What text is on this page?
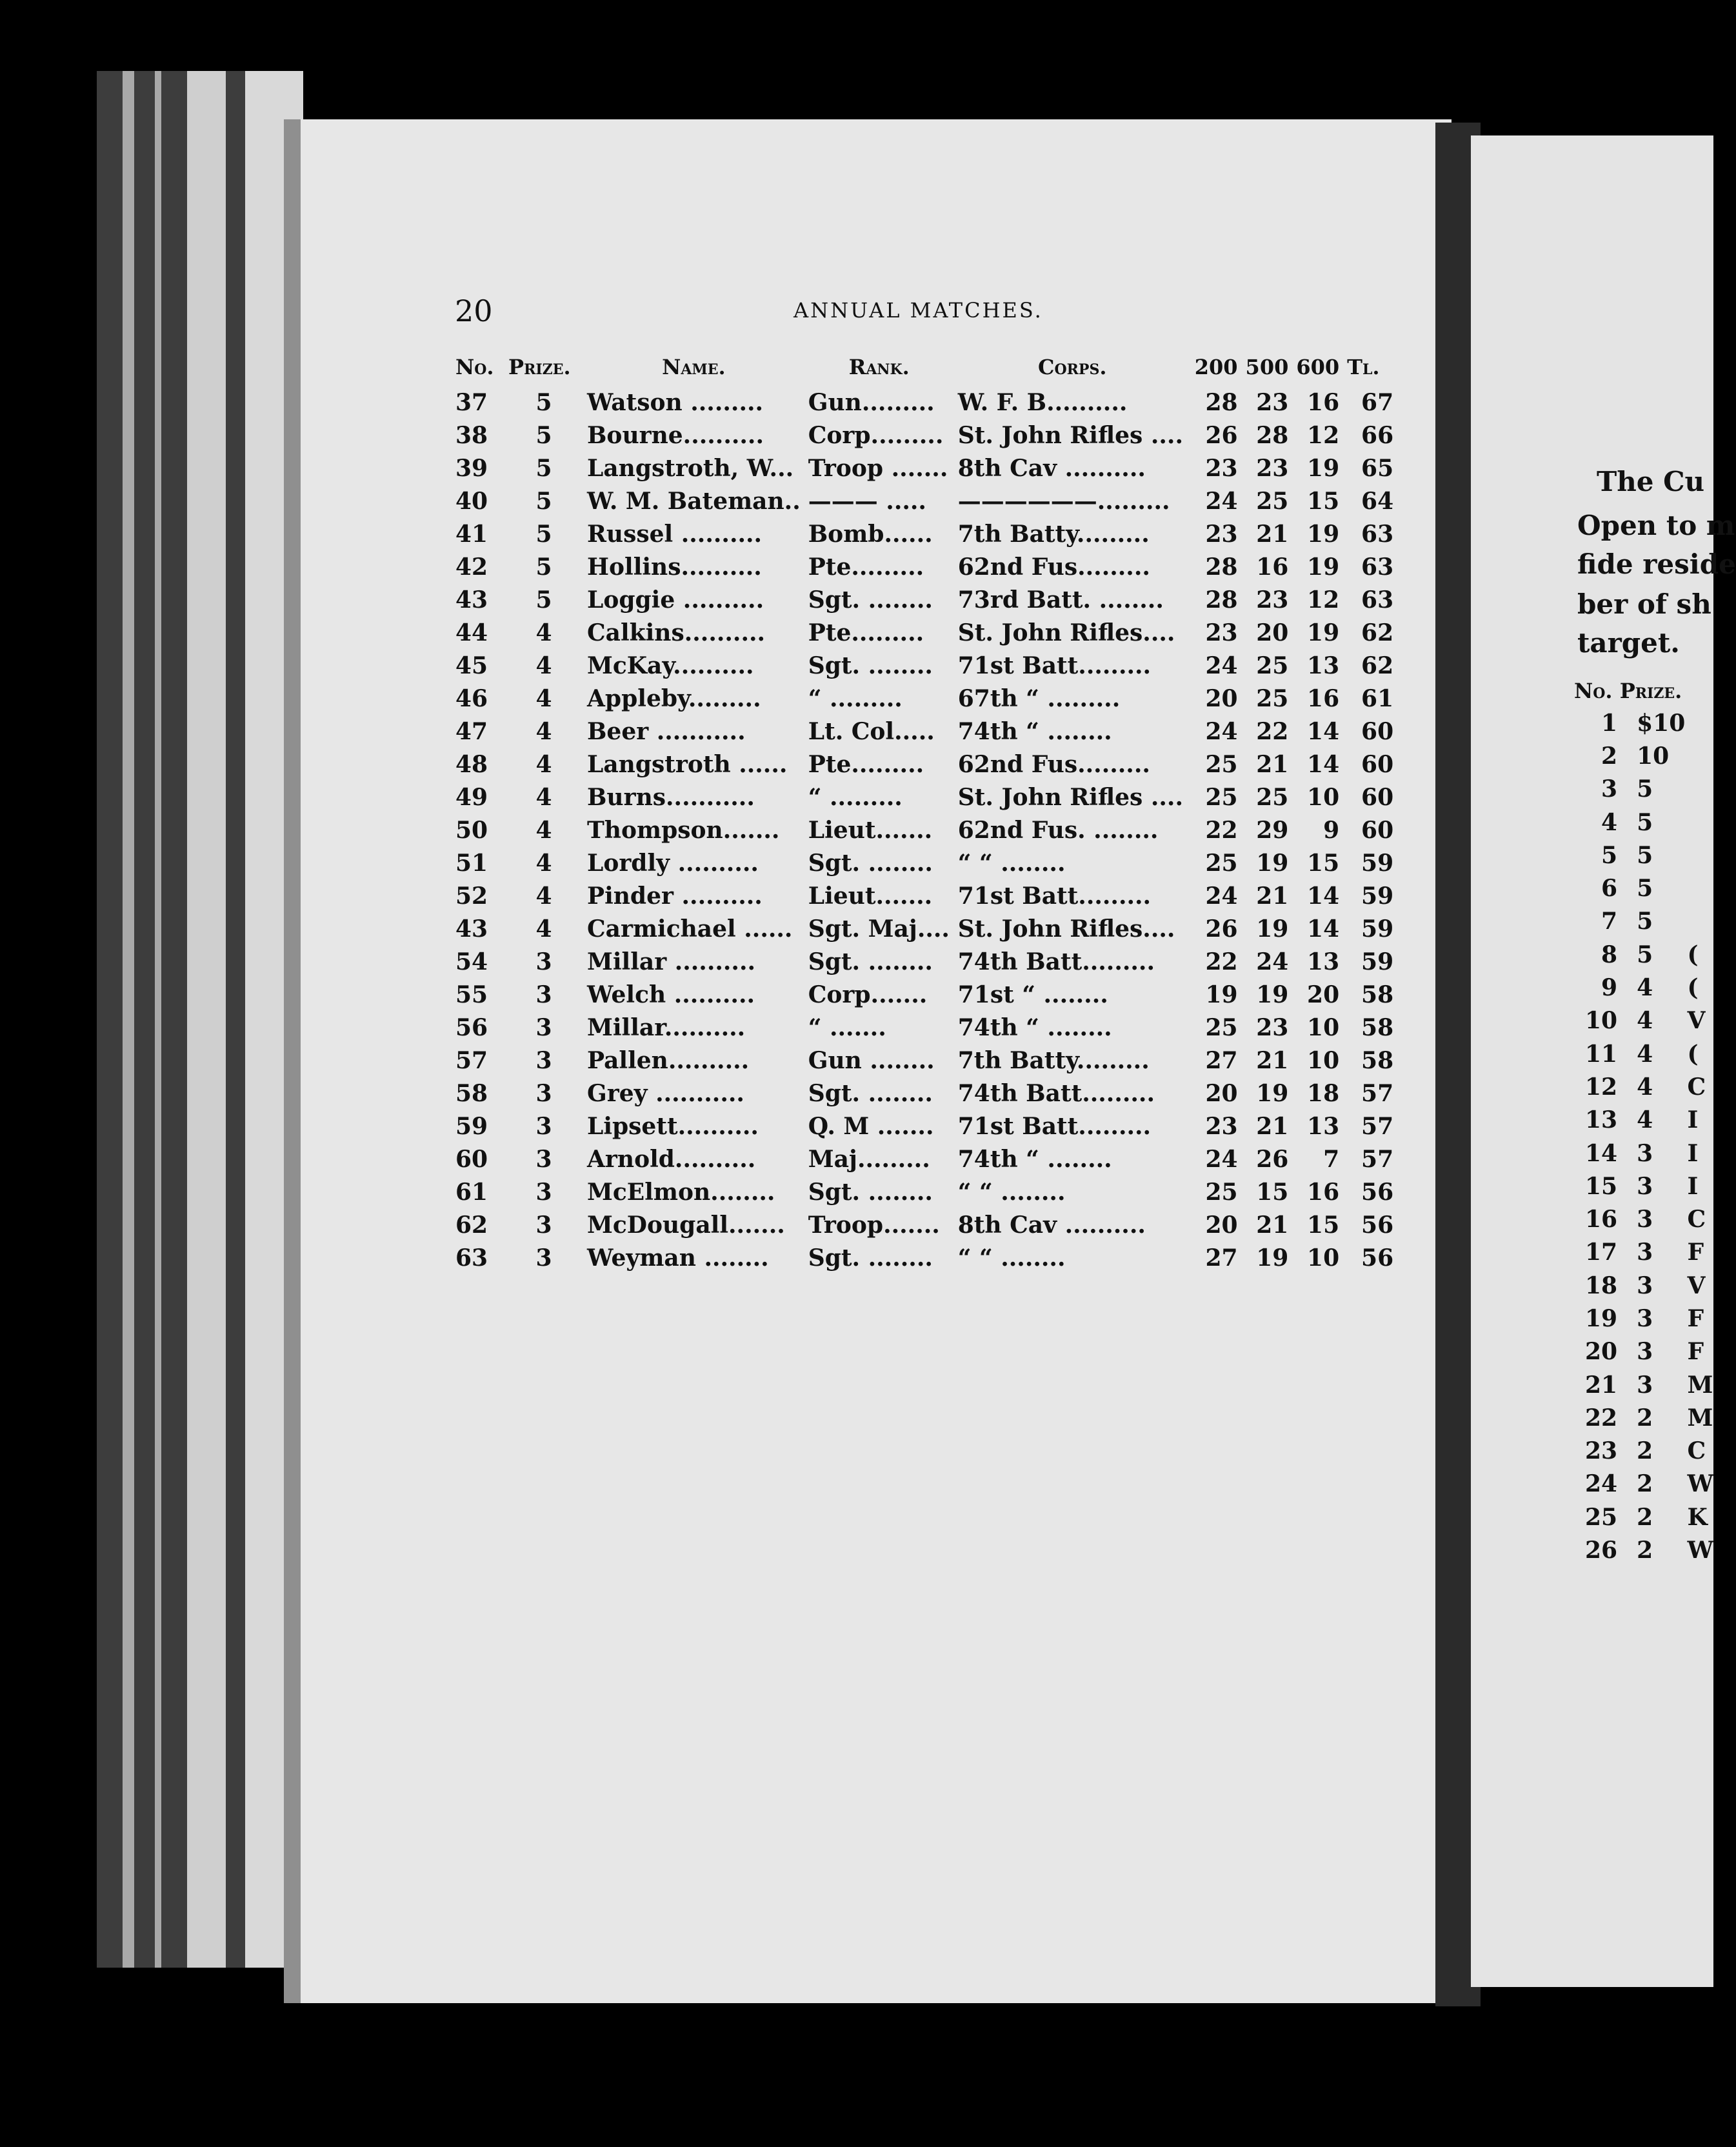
20	ANNUAL MATCHES.
No.	Prize.	Name.	Rank.	Corps.	200	500	600	Tl.
37	5	Watson .........	Gun.........	W. F. B..........	28	23	16	67
38	5	Bourne..........	Corp.........	St. John Rifles ....	26	28	12	66
39	5	Langstroth, W...	Troop .......	8th Cav ..........	23	23	19	65
40	5	W. M. Bateman..	——— .....	——————.........	24	25	15	64
41	5	Russel ..........	Bomb......	7th Batty.........	23	21	19	63
42	5	Hollins..........	Pte.........	62nd Fus.........	28	16	19	63
43	5	Loggie ..........	Sgt. ........	73rd Batt. ........	28	23	12	63
44	4	Calkins..........	Pte.........	St. John Rifles....	23	20	19	62
45	4	McKay..........	Sgt. ........	71st Batt.........	24	25	13	62
46	4	Appleby.........	“ .........	67th “ .........	20	25	16	61
47	4	Beer ...........	Lt. Col.....	74th “ ........	24	22	14	60
48	4	Langstroth ......	Pte.........	62nd Fus.........	25	21	14	60
49	4	Burns...........	“ .........	St. John Rifles ....	25	25	10	60
50	4	Thompson.......	Lieut.......	62nd Fus. ........	22	29	9	60
51	4	Lordly ..........	Sgt. ........	“ “ ........	25	19	15	59
52	4	Pinder ..........	Lieut.......	71st Batt.........	24	21	14	59
43	4	Carmichael ......	Sgt. Maj....	St. John Rifles....	26	19	14	59
54	3	Millar ..........	Sgt. ........	74th Batt.........	22	24	13	59
55	3	Welch ..........	Corp.......	71st “ ........	19	19	20	58
56	3	Millar..........	“ .......	74th “ ........	25	23	10	58
57	3	Pallen..........	Gun ........	7th Batty.........	27	21	10	58
58	3	Grey ...........	Sgt. ........	74th Batt.........	20	19	18	57
59	3	Lipsett..........	Q. M .......	71st Batt.........	23	21	13	57
60	3	Arnold..........	Maj.........	74th “ ........	24	26	7	57
61	3	McElmon........	Sgt. ........	“ “ ........	25	15	16	56
62	3	McDougall.......	Troop.......	8th Cav ..........	20	21	15	56
63	3	Weyman ........	Sgt. ........	“ “ ........	27	19	10	56
The Cu
Open to m
fide reside
ber of sh
target.
No. Prize.
1	$10	
2	10	
3	5	
4	5	
5	5	
6	5	
7	5	
8	5	(
9	4	(
10	4	V
11	4	(
12	4	C
13	4	I
14	3	I
15	3	I
16	3	C
17	3	F
18	3	V
19	3	F
20	3	F
21	3	M
22	2	M
23	2	C
24	2	W
25	2	K
26	2	W
